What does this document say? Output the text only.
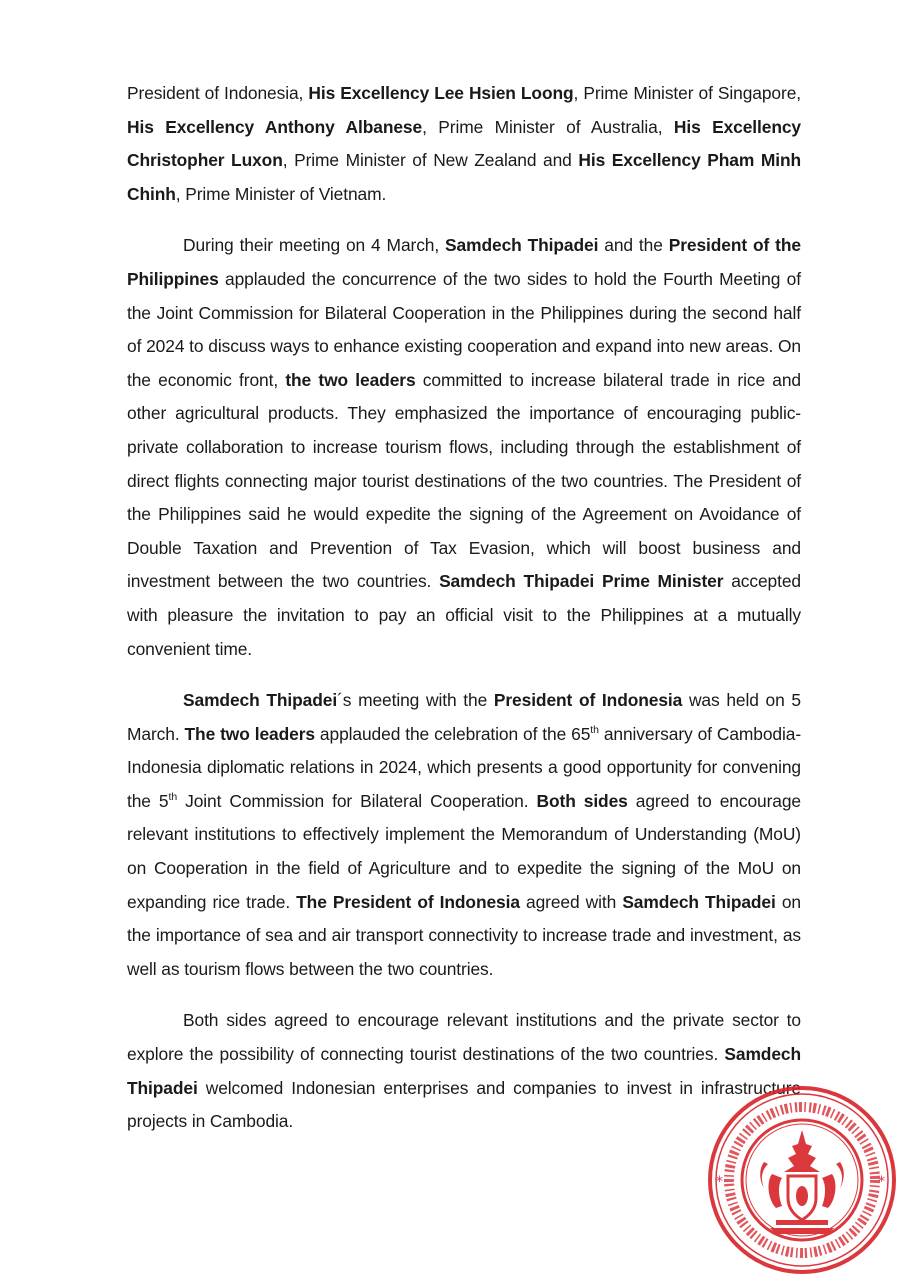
President of Indonesia, His Excellency Lee Hsien Loong, Prime Minister of Singapore, His Excellency Anthony Albanese, Prime Minister of Australia, His Excellency Christopher Luxon, Prime Minister of New Zealand and His Excellency Pham Minh Chinh, Prime Minister of Vietnam.

During their meeting on 4 March, Samdech Thipadei and the President of the Philippines applauded the concurrence of the two sides to hold the Fourth Meeting of the Joint Commission for Bilateral Cooperation in the Philippines during the second half of 2024 to discuss ways to enhance existing cooperation and expand into new areas. On the economic front, the two leaders committed to increase bilateral trade in rice and other agricultural products. They emphasized the importance of encouraging public-private collaboration to increase tourism flows, including through the establishment of direct flights connecting major tourist destinations of the two countries. The President of the Philippines said he would expedite the signing of the Agreement on Avoidance of Double Taxation and Prevention of Tax Evasion, which will boost business and investment between the two countries. Samdech Thipadei Prime Minister accepted with pleasure the invitation to pay an official visit to the Philippines at a mutually convenient time.

Samdech Thipadei´s meeting with the President of Indonesia was held on 5 March. The two leaders applauded the celebration of the 65th anniversary of Cambodia-Indonesia diplomatic relations in 2024, which presents a good opportunity for convening the 5th Joint Commission for Bilateral Cooperation. Both sides agreed to encourage relevant institutions to effectively implement the Memorandum of Understanding (MoU) on Cooperation in the field of Agriculture and to expedite the signing of the MoU on expanding rice trade. The President of Indonesia agreed with Samdech Thipadei on the importance of sea and air transport connectivity to increase trade and investment, as well as tourism flows between the two countries.

Both sides agreed to encourage relevant institutions and the private sector to explore the possibility of connecting tourist destinations of the two countries. Samdech Thipadei welcomed Indonesian enterprises and companies to invest in infrastructure projects in Cambodia.

*	*
